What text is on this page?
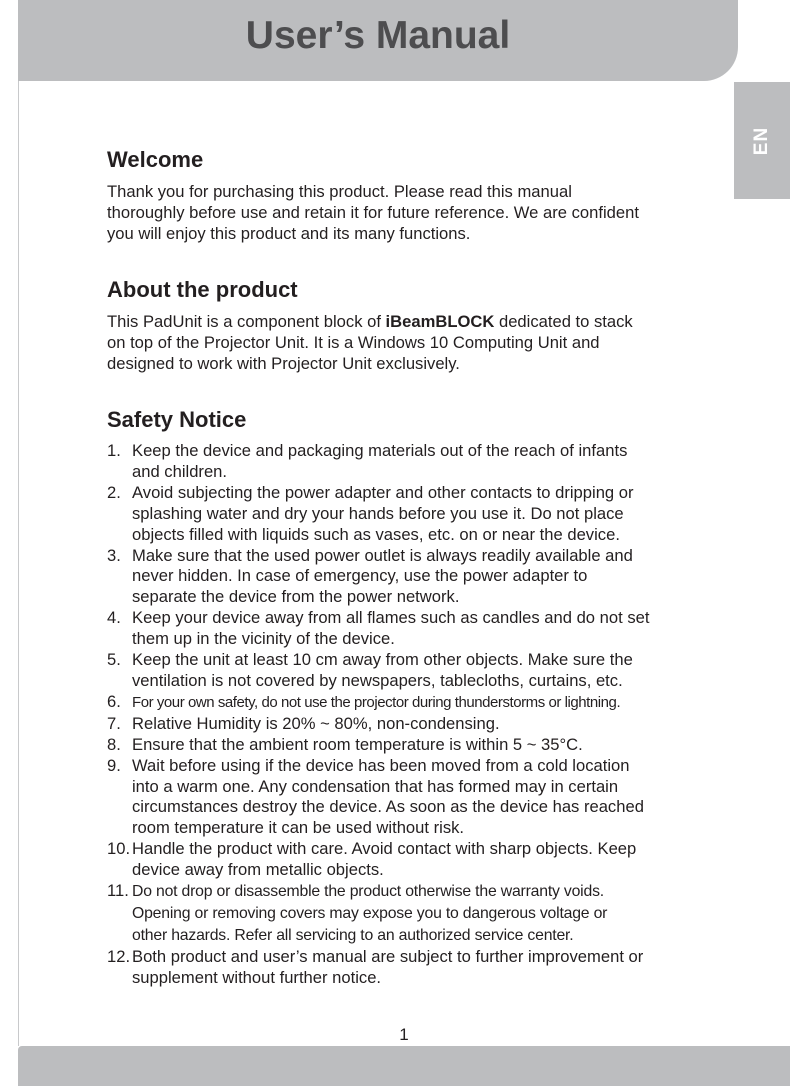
User’s Manual
EN
Welcome

Thank you for purchasing this product. Please read this manual
thoroughly before use and retain it for future reference. We are confident
you will enjoy this product and its many functions.

About the product

This PadUnit is a component block of iBeamBLOCK dedicated to stack
on top of the Projector Unit. It is a Windows 10 Computing Unit and
designed to work with Projector Unit exclusively.

Safety Notice
1. Keep the device and packaging materials out of the reach of infants
and children.
2. Avoid subjecting the power adapter and other contacts to dripping or
splashing water and dry your hands before you use it. Do not place
objects filled with liquids such as vases, etc. on or near the device.
3. Make sure that the used power outlet is always readily available and
never hidden. In case of emergency, use the power adapter to
separate the device from the power network.
4. Keep your device away from all flames such as candles and do not set
them up in the vicinity of the device.
5. Keep the unit at least 10 cm away from other objects. Make sure the
ventilation is not covered by newspapers, tablecloths, curtains, etc.
6. For your own safety, do not use the projector during thunderstorms or lightning.
7. Relative Humidity is 20% ~ 80%, non-condensing.
8. Ensure that the ambient room temperature is within 5 ~ 35°C.
9. Wait before using if the device has been moved from a cold location
into a warm one. Any condensation that has formed may in certain
circumstances destroy the device. As soon as the device has reached
room temperature it can be used without risk.
10. Handle the product with care. Avoid contact with sharp objects. Keep
device away from metallic objects.
11. Do not drop or disassemble the product otherwise the warranty voids.
Opening or removing covers may expose you to dangerous voltage or
other hazards. Refer all servicing to an authorized service center.
12. Both product and user’s manual are subject to further improvement or
supplement without further notice.
1
